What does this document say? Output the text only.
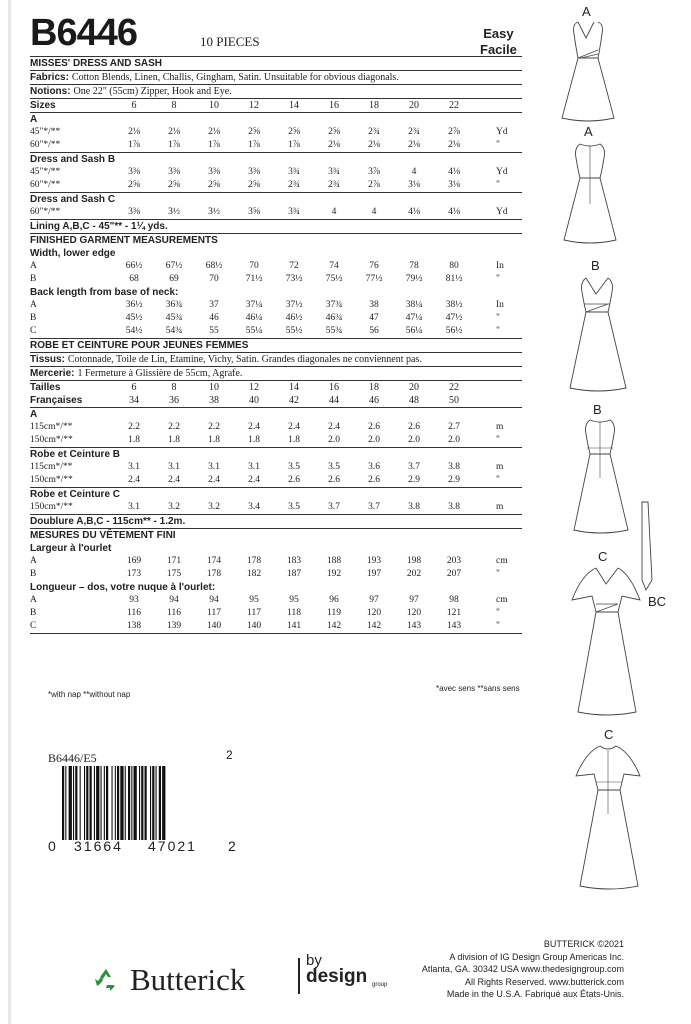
B6446	10 PIECES
Easy
Facile
MISSES' DRESS AND SASH
Fabrics: Cotton Blends, Linen, Challis, Gingham, Satin. Unsuitable for obvious diagonals.
Notions: One 22" (55cm) Zipper, Hook and Eye.
Sizes	6	8	10	12	14	16	18	20	22
A
45"*/**	2⅛	2⅛	2⅛	2⅝	2⅝	2⅝	2¾	2¾	2⅞	Yd
60"*/**	1⅞	1⅞	1⅞	1⅞	1⅞	2⅛	2⅛	2⅛	2⅛	"
Dress and Sash B
45"*/**	3⅜	3⅜	3⅜	3⅜	3¾	3¾	3⅞	4	4⅛	Yd
60"*/**	2⅝	2⅝	2⅝	2⅝	2¾	2¾	2⅞	3⅛	3⅛	"
Dress and Sash C
60"*/**	3⅜	3½	3½	3⅝	3¾	4	4	4⅛	4⅛	Yd
Lining A,B,C - 45"** - 1¼ yds.
FINISHED GARMENT MEASUREMENTS
Width, lower edge
A	66½	67½	68½	70	72	74	76	78	80	In
B	68	69	70	71½	73½	75½	77½	79½	81½	"
Back length from base of neck:
A	36½	36¾	37	37¼	37½	37¾	38	38¼	38½	In
B	45½	45¾	46	46¼	46½	46¾	47	47¼	47½	"
C	54½	54¾	55	55¼	55½	55¾	56	56¼	56½	"
ROBE ET CEINTURE POUR JEUNES FEMMES
Tissus: Cotonnade, Toile de Lin, Etamine, Vichy, Satin. Grandes diagonales ne conviennent pas.
Mercerie: 1 Fermeture à Glissière de 55cm, Agrafe.
Tailles	6	8	10	12	14	16	18	20	22
Françaises	34	36	38	40	42	44	46	48	50
A
115cm*/**	2.2	2.2	2.2	2.4	2.4	2.4	2.6	2.6	2.7	m
150cm*/**	1.8	1.8	1.8	1.8	1.8	2.0	2.0	2.0	2.0	"
Robe et Ceinture B
115cm*/**	3.1	3.1	3.1	3.1	3.5	3.5	3.6	3.7	3.8	m
150cm*/**	2.4	2.4	2.4	2.4	2.6	2.6	2.6	2.9	2.9	"
Robe et Ceinture C
150cm*/**	3.1	3.2	3.2	3.4	3.5	3.7	3.7	3.8	3.8	m
Doublure A,B,C - 115cm** - 1.2m.
MESURES DU VÊTEMENT FINI
Largeur à l'ourlet
A	169	171	174	178	183	188	193	198	203	cm
B	173	175	178	182	187	192	197	202	207	"
Longueur – dos, votre nuque à l'ourlet:
A	93	94	94	95	95	96	97	97	98	cm
B	116	116	117	117	118	119	120	120	121	"
C	138	139	140	140	141	142	142	143	143	"
*with nap **without nap
*avec sens **sans sens
B6446/E5	2
0 31664 47021 2
Butterick
by
design group
BUTTERICK ©2021
A division of IG Design Group Americas Inc.
Atlanta, GA. 30342 USA www.thedesigngroup.com
All Rights Reserved. www.butterick.com
Made in the U.S.A. Fabriqué aux États-Unis.
A
A
B
B
BC
C
C
